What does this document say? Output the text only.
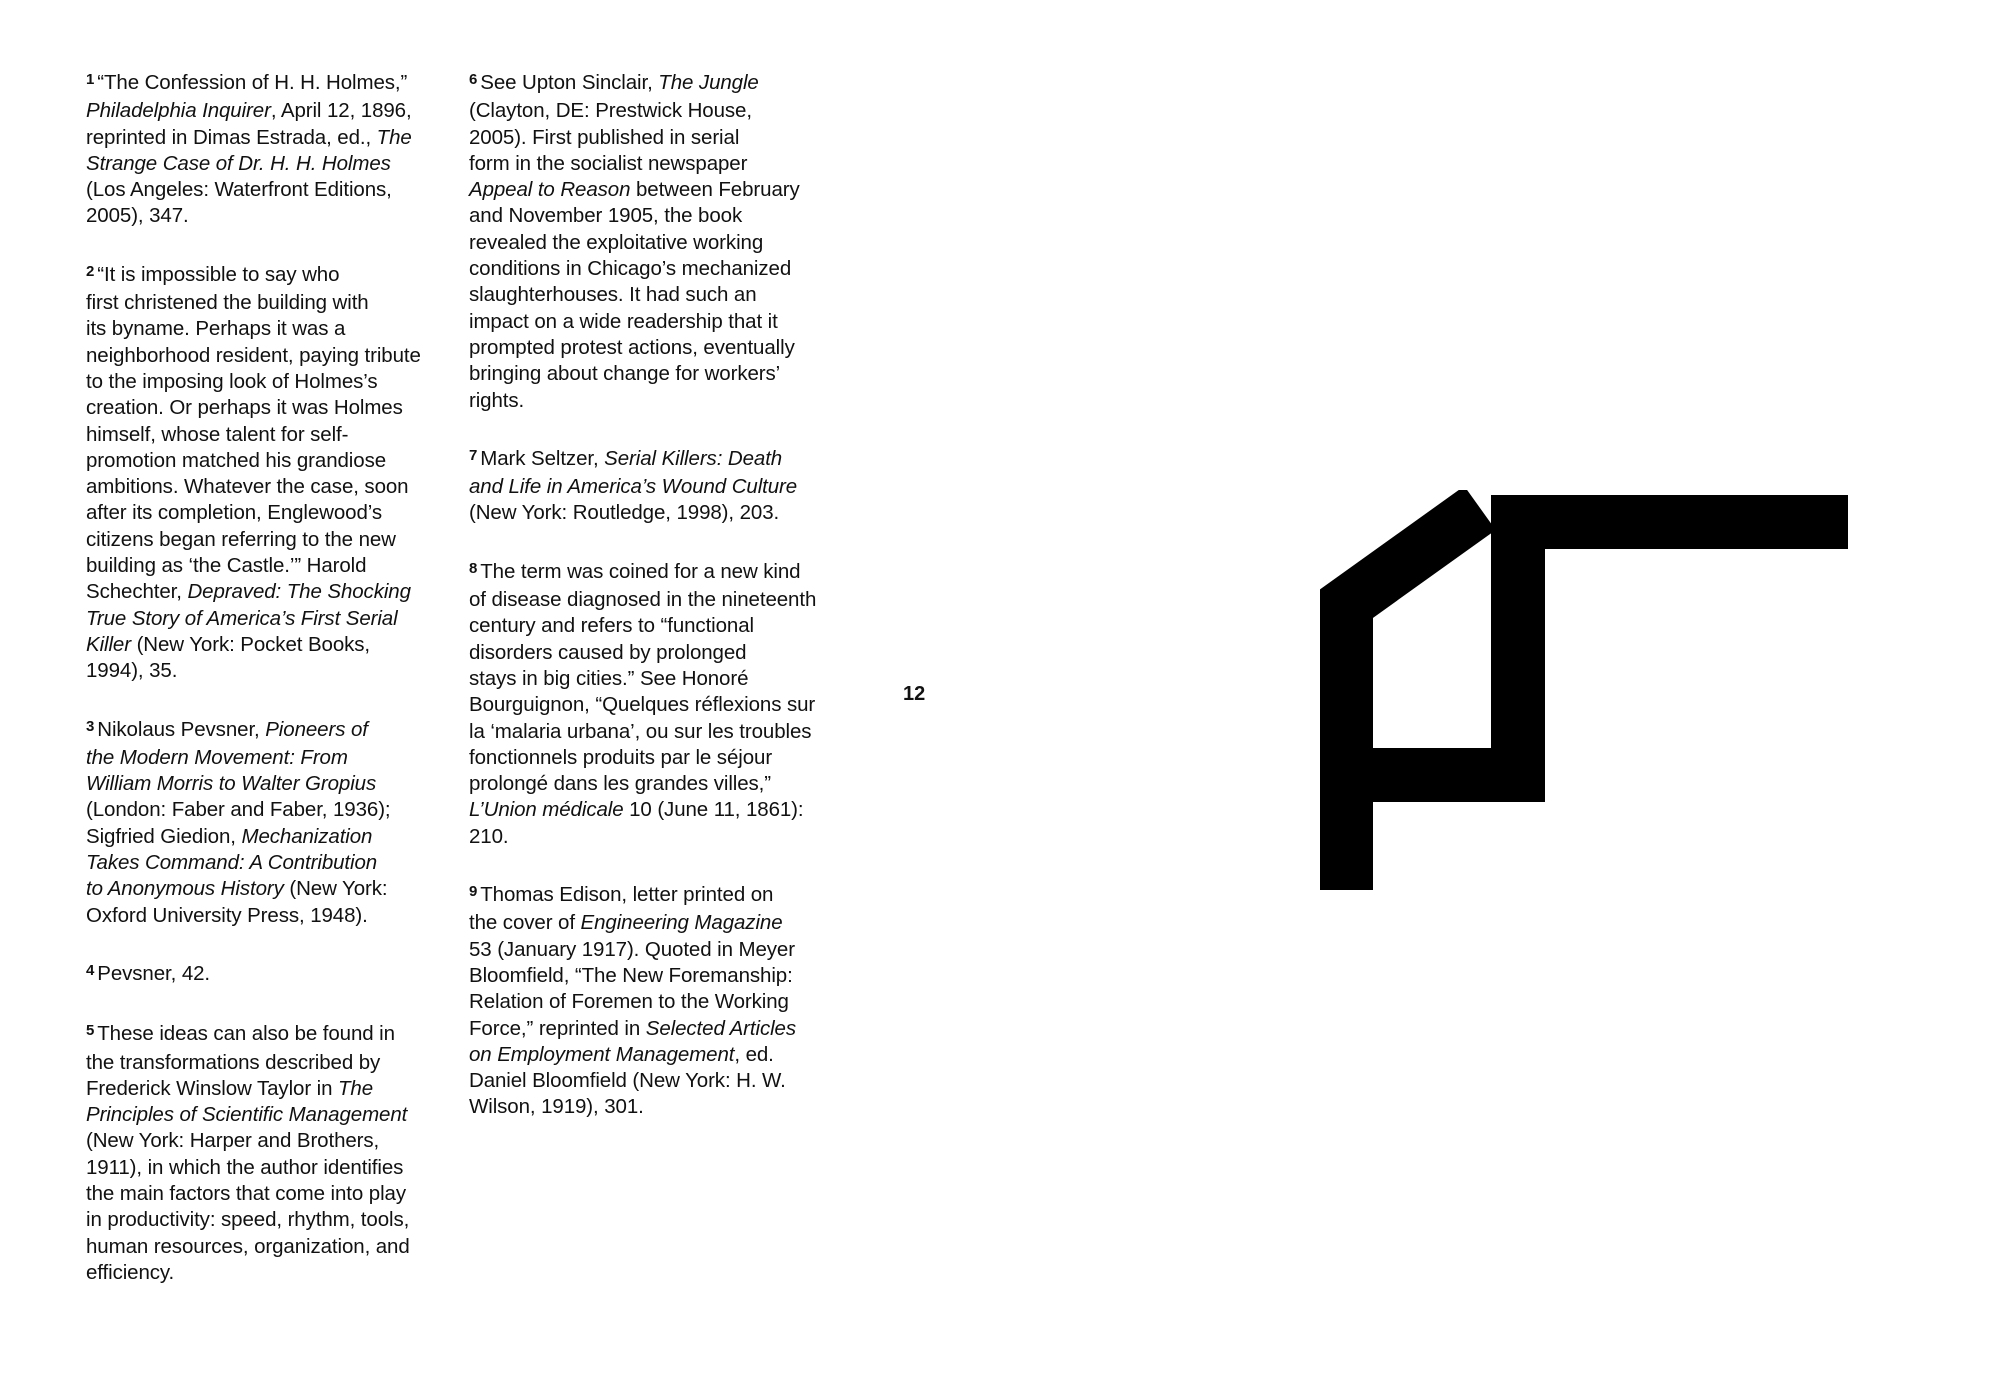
$^1$ “The Confession of H. H. Holmes,”
Philadelphia Inquirer, April 12, 1896,
reprinted in Dimas Estrada, ed., The
Strange Case of Dr. H. H. Holmes
(Los Angeles: Waterfront Editions,
2005), 347.
$^2$ “It is impossible to say who
first christened the building with
its byname. Perhaps it was a
neighborhood resident, paying tribute
to the imposing look of Holmes’s
creation. Or perhaps it was Holmes
himself, whose talent for self-
promotion matched his grandiose
ambitions. Whatever the case, soon
after its completion, Englewood’s
citizens began referring to the new
building as ‘the Castle.’” Harold
Schechter, Depraved: The Shocking
True Story of America’s First Serial
Killer (New York: Pocket Books,
1994), 35.
$^3$ Nikolaus Pevsner, Pioneers of
the Modern Movement: From
William Morris to Walter Gropius
(London: Faber and Faber, 1936);
Sigfried Giedion, Mechanization
Takes Command: A Contribution
to Anonymous History (New York:
Oxford University Press, 1948).
$^4$ Pevsner, 42.
$^5$ These ideas can also be found in
the transformations described by
Frederick Winslow Taylor in The
Principles of Scientific Management
(New York: Harper and Brothers,
1911), in which the author identifies
the main factors that come into play
in productivity: speed, rhythm, tools,
human resources, organization, and
efficiency.
$^6$ See Upton Sinclair, The Jungle
(Clayton, DE: Prestwick House,
2005). First published in serial
form in the socialist newspaper
Appeal to Reason between February
and November 1905, the book
revealed the exploitative working
conditions in Chicago’s mechanized
slaughterhouses. It had such an
impact on a wide readership that it
prompted protest actions, eventually
bringing about change for workers’
rights.
$^7$ Mark Seltzer, Serial Killers: Death
and Life in America’s Wound Culture
(New York: Routledge, 1998), 203.
$^8$ The term was coined for a new kind
of disease diagnosed in the nineteenth
century and refers to “functional
disorders caused by prolonged
stays in big cities.” See Honoré
Bourguignon, “Quelques réflexions sur
la ‘malaria urbana’, ou sur les troubles
fonctionnels produits par le séjour
prolongé dans les grandes villes,”
L’Union médicale 10 (June 11, 1861):
210.
$^9$ Thomas Edison, letter printed on
the cover of Engineering Magazine
53 (January 1917). Quoted in Meyer
Bloomfield, “The New Foremanship:
Relation of Foremen to the Working
Force,” reprinted in Selected Articles
on Employment Management, ed.
Daniel Bloomfield (New York: H. W.
Wilson, 1919), 301.
12
